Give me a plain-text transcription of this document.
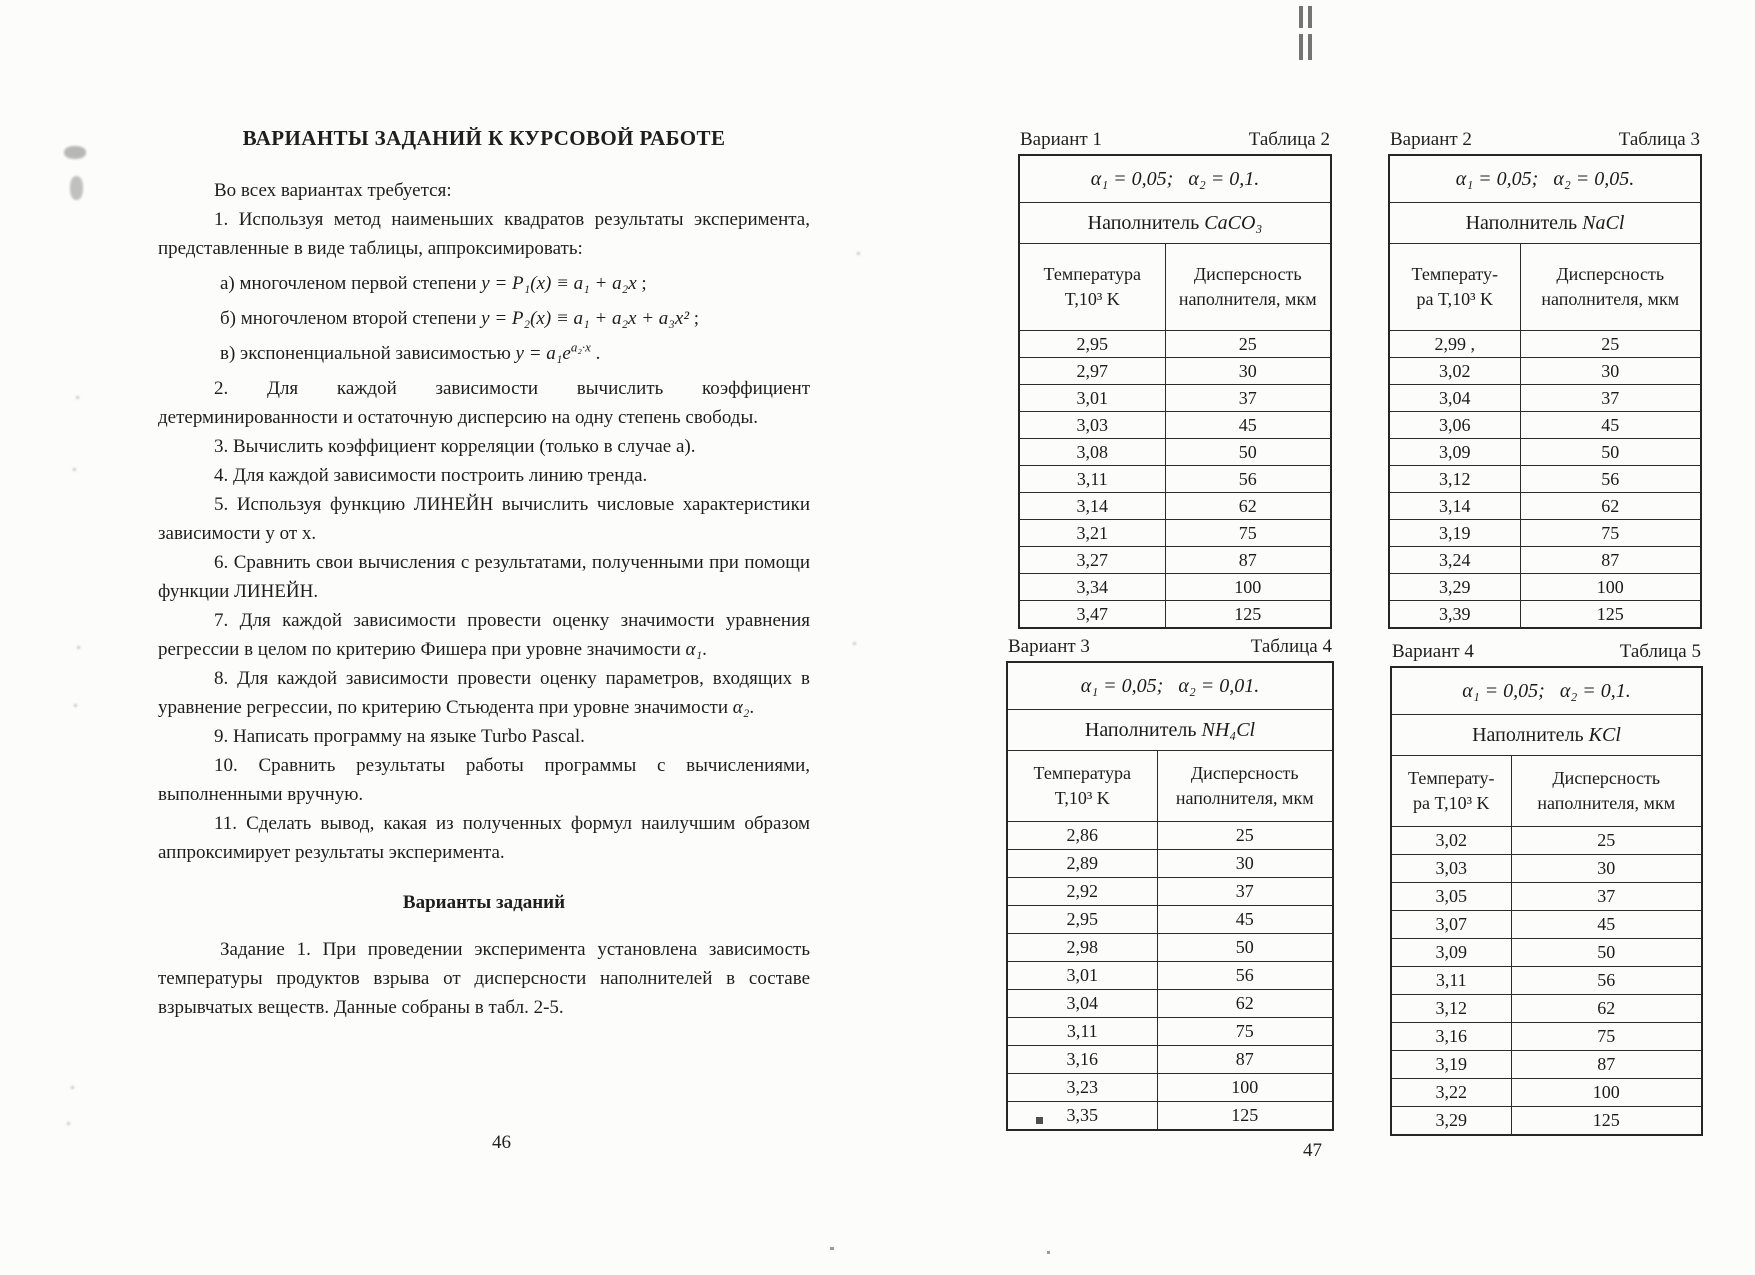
ВАРИАНТЫ ЗАДАНИЙ К КУРСОВОЙ РАБОТЕ

Во всех вариантах требуется:

1. Используя метод наименьших квадратов результаты эксперимента, представленные в виде таблицы, аппроксимировать:

а) многочленом первой степени y = P₁(x) ≡ a₁ + a₂x ;

б) многочленом второй степени y = P₂(x) ≡ a₁ + a₂x + a₃x² ;

в) экспоненциальной зависимостью $y = a_1e^{a_2\cdot x}$ .

2. Для каждой зависимости вычислить коэффициент детерминированности и остаточную дисперсию на одну степень свободы.

3. Вычислить коэффициент корреляции (только в случае а).

4. Для каждой зависимости построить линию тренда.

5. Используя функцию ЛИНЕЙН вычислить числовые характеристики зависимости y от x.

6. Сравнить свои вычисления с результатами, полученными при помощи функции ЛИНЕЙН.

7. Для каждой зависимости провести оценку значимости уравнения регрессии в целом по критерию Фишера при уровне значимости α₁.

8. Для каждой зависимости провести оценку параметров, входящих в уравнение регрессии, по критерию Стьюдента при уровне значимости α₂.

9. Написать программу на языке Turbo Pascal.

10. Сравнить результаты работы программы с вычислениями, выполненными вручную.

11. Сделать вывод, какая из полученных формул наилучшим образом аппроксимирует результаты эксперимента.

Варианты заданий

Задание 1. При проведении эксперимента установлена зависимость температуры продуктов взрыва от дисперсности наполнителей в составе взрывчатых веществ. Данные собраны в табл. 2-5.

46
Вариант 1	Таблица 2
α₁ = 0,05;   α₂ = 0,1.	
Наполнитель CaCO₃	

Температура
T,10³ K	Дисперсность наполнителя, мкм

2,95	25
2,97	30
3,01	37
3,03	45
3,08	50
3,11	56
3,14	62
3,21	75
3,27	87
3,34	100
3,47	125
Вариант 2	Таблица 3
α₁ = 0,05;   α₂ = 0,05.	
Наполнитель NaCl	

Температу-
ра T,10³ K	Дисперсность наполнителя, мкм

2,99 ,	25
3,02	30
3,04	37
3,06	45
3,09	50
3,12	56
3,14	62
3,19	75
3,24	87
3,29	100
3,39	125
Вариант 3	Таблица 4
α₁ = 0,05;   α₂ = 0,01.	
Наполнитель NH₄Cl	

Температура
T,10³ K	Дисперсность наполнителя, мкм

2,86	25
2,89	30
2,92	37
2,95	45
2,98	50
3,01	56
3,04	62
3,11	75
3,16	87
3,23	100
3,35	125
Вариант 4	Таблица 5
α₁ = 0,05;   α₂ = 0,1.	
Наполнитель KCl	

Температу-
ра T,10³ K	Дисперсность наполнителя, мкм

3,02	25
3,03	30
3,05	37
3,07	45
3,09	50
3,11	56
3,12	62
3,16	75
3,19	87
3,22	100
3,29	125
47
